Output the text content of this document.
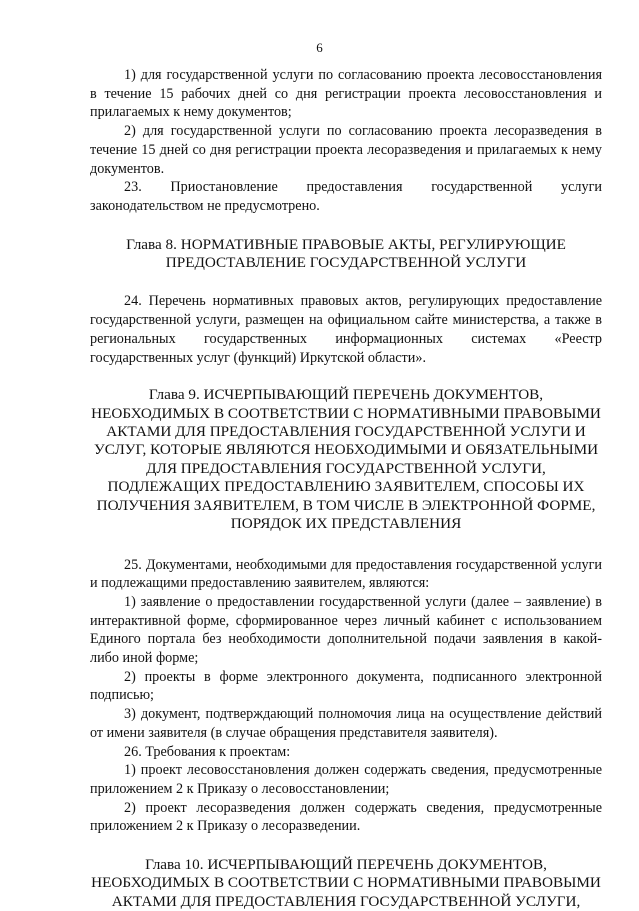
6

1) для государственной услуги по согласованию проекта лесовосстановления в течение 15 рабочих дней со дня регистрации проекта лесовосстановления и прилагаемых к нему документов;

2) для государственной услуги по согласованию проекта лесоразведения в течение 15 дней со дня регистрации проекта лесоразведения и прилагаемых к нему документов.

23. Приостановление предоставления государственной услуги законодательством не предусмотрено.

Глава 8. НОРМАТИВНЫЕ ПРАВОВЫЕ АКТЫ, РЕГУЛИРУЮЩИЕ
ПРЕДОСТАВЛЕНИЕ ГОСУДАРСТВЕННОЙ УСЛУГИ

24. Перечень нормативных правовых актов, регулирующих предоставление государственной услуги, размещен на официальном сайте министерства, а также в региональных государственных информационных системах «Реестр государственных услуг (функций) Иркутской области».

Глава 9. ИСЧЕРПЫВАЮЩИЙ ПЕРЕЧЕНЬ ДОКУМЕНТОВ,
НЕОБХОДИМЫХ В СООТВЕТСТВИИ С НОРМАТИВНЫМИ ПРАВОВЫМИ
АКТАМИ ДЛЯ ПРЕДОСТАВЛЕНИЯ ГОСУДАРСТВЕННОЙ УСЛУГИ И
УСЛУГ, КОТОРЫЕ ЯВЛЯЮТСЯ НЕОБХОДИМЫМИ И ОБЯЗАТЕЛЬНЫМИ
ДЛЯ ПРЕДОСТАВЛЕНИЯ ГОСУДАРСТВЕННОЙ УСЛУГИ,
ПОДЛЕЖАЩИХ ПРЕДОСТАВЛЕНИЮ ЗАЯВИТЕЛЕМ, СПОСОБЫ ИХ
ПОЛУЧЕНИЯ ЗАЯВИТЕЛЕМ, В ТОМ ЧИСЛЕ В ЭЛЕКТРОННОЙ ФОРМЕ,
ПОРЯДОК ИХ ПРЕДСТАВЛЕНИЯ

25. Документами, необходимыми для предоставления государственной услуги и подлежащими предоставлению заявителем, являются:

1) заявление о предоставлении государственной услуги (далее – заявление) в интерактивной форме, сформированное через личный кабинет с использованием Единого портала без необходимости дополнительной подачи заявления в какой-либо иной форме;

2) проекты в форме электронного документа, подписанного электронной подписью;

3) документ, подтверждающий полномочия лица на осуществление действий от имени заявителя (в случае обращения представителя заявителя).

26. Требования к проектам:

1) проект лесовосстановления должен содержать сведения, предусмотренные приложением 2 к Приказу о лесовосстановлении;

2) проект лесоразведения должен содержать сведения, предусмотренные приложением 2 к Приказу о лесоразведении.

Глава 10. ИСЧЕРПЫВАЮЩИЙ ПЕРЕЧЕНЬ ДОКУМЕНТОВ,
НЕОБХОДИМЫХ В СООТВЕТСТВИИ С НОРМАТИВНЫМИ ПРАВОВЫМИ
АКТАМИ ДЛЯ ПРЕДОСТАВЛЕНИЯ ГОСУДАРСТВЕННОЙ УСЛУГИ,
